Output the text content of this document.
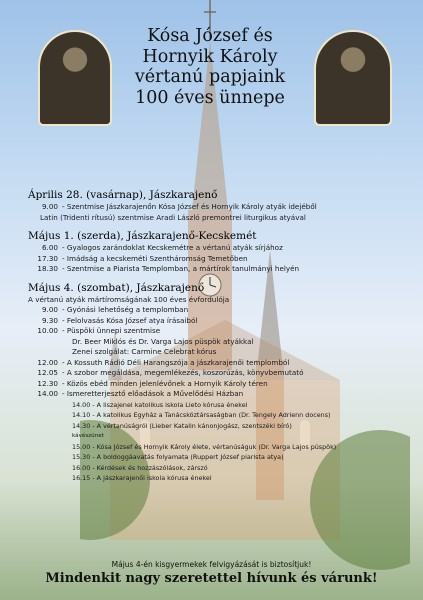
Kósa József és
Hornyik Károly
vértanú papjaink
100 éves ünnepe
Április 28. (vasárnap), Jászkarajenő
9.00 - Szentmise Jászkarajenőn Kósa József és Hornyik Károly atyák idejéből
Latin (Tridenti rítusú) szentmise Aradi László premontrei liturgikus atyával
Május 1. (szerda), Jászkarajenő-Kecskemét
6.00 - Gyalogos zarándoklat Kecskemétre a vértanú atyák sírjához
17.30 - Imádság a kecskeméti Szentháromság Temetőben
18.30 - Szentmise a Piarista Templomban, a mártírok tanulmányi helyén
Május 4. (szombat), Jászkarajenő
A vértanú atyák mártíromságának 100 éves évfordulója
9.00 - Gyónási lehetőség a templomban
9.30 - Felolvasás Kósa József atya írásaiból
10.00 - Püspöki ünnepi szentmise
Dr. Beer Miklós és Dr. Varga Lajos püspök atyákkal
Zenei szolgálat: Carmine Celebrat kórus
12.00 - A Kossuth Rádió Déli Harangszója a jászkarajenői templomból
12.05 - A szobor megáldása, megemlékezés, koszorúzás, könyvbemutató
12.30 - Közös ebéd minden jelenlévőnek a Hornyik Károly téren
14.00 - Ismeretterjesztő előadások a Művelődési Házban
14.00 - A liszajenei katolikus iskola Lieto kórusa énekel
14.10 - A katolikus Egyház a Tanácsköztársaságban (Dr. Tengely Adrienn docens)
14.30 - A vértanúságról (Lieber Katalin kánonjogász, szentszéki bíró)
kávészünet
15.00 - Kósa József és Hornyik Károly élete, vértanúságuk (Dr. Varga Lajos püspök)
15.30 - A boldoggáavatás folyamata (Ruppert József piarista atya)
16.00 - Kérdések és hozzászólások, zárszó
16.15 - A jászkarajenői iskola kórusa énekel
Május 4-én kisgyermekek felvigyázását is biztosítjuk!
Mindenkit nagy szeretettel hívunk és várunk!
